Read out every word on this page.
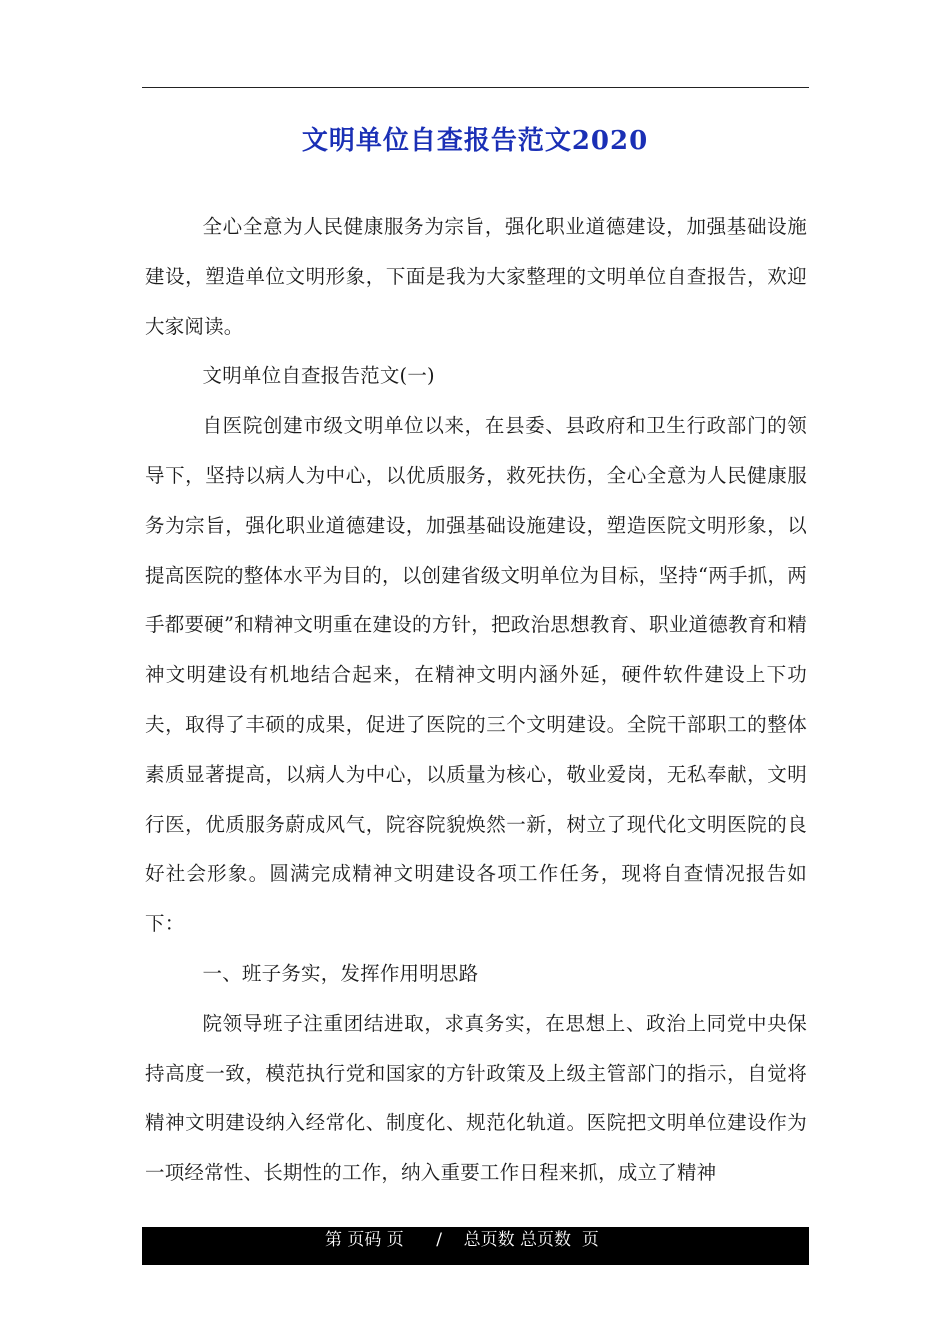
文明单位自查报告范文2020

全心全意为人民健康服务为宗旨，强化职业道德建设，加强基础设施建设，塑造单位文明形象，下面是我为大家整理的文明单位自查报告，欢迎大家阅读。

文明单位自查报告范文(一)

自医院创建市级文明单位以来，在县委、县政府和卫生行政部门的领导下，坚持以病人为中心，以优质服务，救死扶伤，全心全意为人民健康服务为宗旨，强化职业道德建设，加强基础设施建设，塑造医院文明形象，以提高医院的整体水平为目的，以创建省级文明单位为目标，坚持“两手抓，两手都要硬”和精神文明重在建设的方针，把政治思想教育、职业道德教育和精神文明建设有机地结合起来，在精神文明内涵外延，硬件软件建设上下功夫，取得了丰硕的成果，促进了医院的三个文明建设。全院干部职工的整体素质显著提高，以病人为中心，以质量为核心，敬业爱岗，无私奉献，文明行医，优质服务蔚成风气，院容院貌焕然一新，树立了现代化文明医院的良好社会形象。圆满完成精神文明建设各项工作任务，现将自查情况报告如下：

一、班子务实，发挥作用明思路

院领导班子注重团结进取，求真务实，在思想上、政治上同党中央保持高度一致，模范执行党和国家的方针政策及上级主管部门的指示，自觉将精神文明建设纳入经常化、制度化、规范化轨道。医院把文明单位建设作为一项经常性、长期性的工作，纳入重要工作日程来抓，成立了精神

第 页码 页 / 总页数 总页数  页
